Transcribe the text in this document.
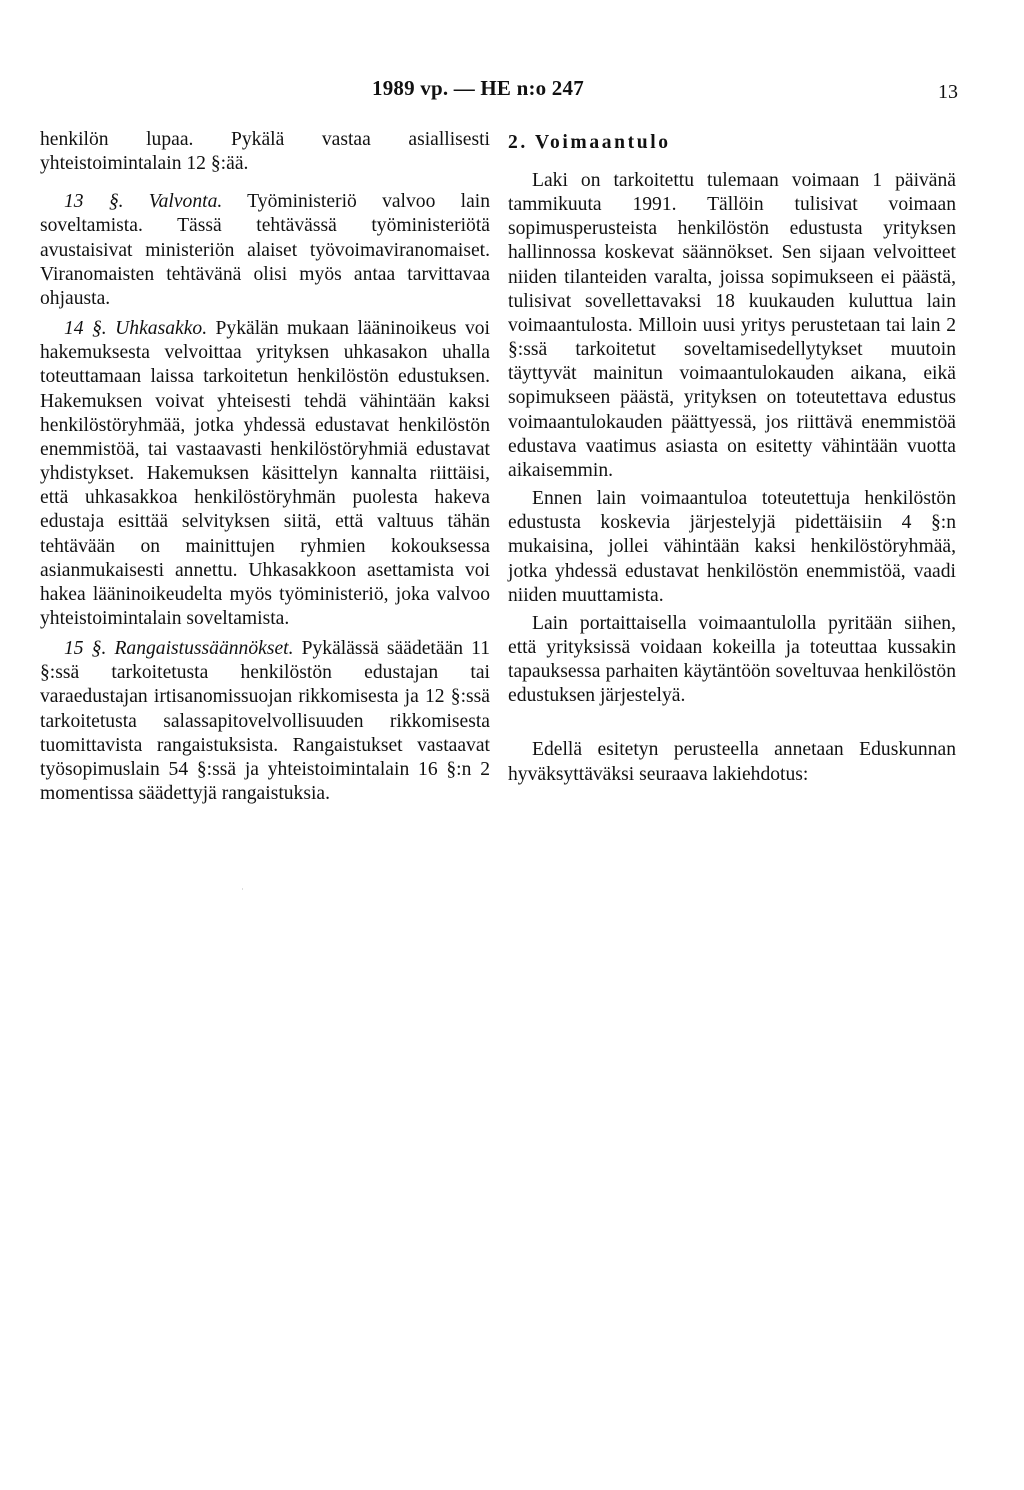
1989 vp. — HE n:o 247	13

henkilön lupaa. Pykälä vastaa asiallisesti yhteistoimintalain 12 §:ää.

13 §. Valvonta. Työministeriö valvoo lain soveltamista. Tässä tehtävässä työministeriötä avustaisivat ministeriön alaiset työvoimaviranomaiset. Viranomaisten tehtävänä olisi myös antaa tarvittavaa ohjausta.

14 §. Uhkasakko. Pykälän mukaan lääninoikeus voi hakemuksesta velvoittaa yrityksen uhkasakon uhalla toteuttamaan laissa tarkoitetun henkilöstön edustuksen. Hakemuksen voivat yhteisesti tehdä vähintään kaksi henkilöstöryhmää, jotka yhdessä edustavat henkilöstön enemmistöä, tai vastaavasti henkilöstöryhmiä edustavat yhdistykset. Hakemuksen käsittelyn kannalta riittäisi, että uhkasakkoa henkilöstöryhmän puolesta hakeva edustaja esittää selvityksen siitä, että valtuus tähän tehtävään on mainittujen ryhmien kokouksessa asianmukaisesti annettu. Uhkasakkoon asettamista voi hakea lääninoikeudelta myös työministeriö, joka valvoo yhteistoimintalain soveltamista.

15 §. Rangaistussäännökset. Pykälässä säädetään 11 §:ssä tarkoitetusta henkilöstön edustajan tai varaedustajan irtisanomissuojan rikkomisesta ja 12 §:ssä tarkoitetusta salassapitovelvollisuuden rikkomisesta tuomittavista rangaistuksista. Rangaistukset vastaavat työsopimuslain 54 §:ssä ja yhteistoimintalain 16 §:n 2 momentissa säädettyjä rangaistuksia.

2. Voimaantulo

Laki on tarkoitettu tulemaan voimaan 1 päivänä tammikuuta 1991. Tällöin tulisivat voimaan sopimusperusteista henkilöstön edustusta yrityksen hallinnossa koskevat säännökset. Sen sijaan velvoitteet niiden tilanteiden varalta, joissa sopimukseen ei päästä, tulisivat sovellettavaksi 18 kuukauden kuluttua lain voimaantulosta. Milloin uusi yritys perustetaan tai lain 2 §:ssä tarkoitetut soveltamisedellytykset muutoin täyttyvät mainitun voimaantulokauden aikana, eikä sopimukseen päästä, yrityksen on toteutettava edustus voimaantulokauden päättyessä, jos riittävä enemmistöä edustava vaatimus asiasta on esitetty vähintään vuotta aikaisemmin.

Ennen lain voimaantuloa toteutettuja henkilöstön edustusta koskevia järjestelyjä pidettäisiin 4 §:n mukaisina, jollei vähintään kaksi henkilöstöryhmää, jotka yhdessä edustavat henkilöstön enemmistöä, vaadi niiden muuttamista.

Lain portaittaisella voimaantulolla pyritään siihen, että yrityksissä voidaan kokeilla ja toteuttaa kussakin tapauksessa parhaiten käytäntöön soveltuvaa henkilöstön edustuksen järjestelyä.

Edellä esitetyn perusteella annetaan Eduskunnan hyväksyttäväksi seuraava lakiehdotus:
